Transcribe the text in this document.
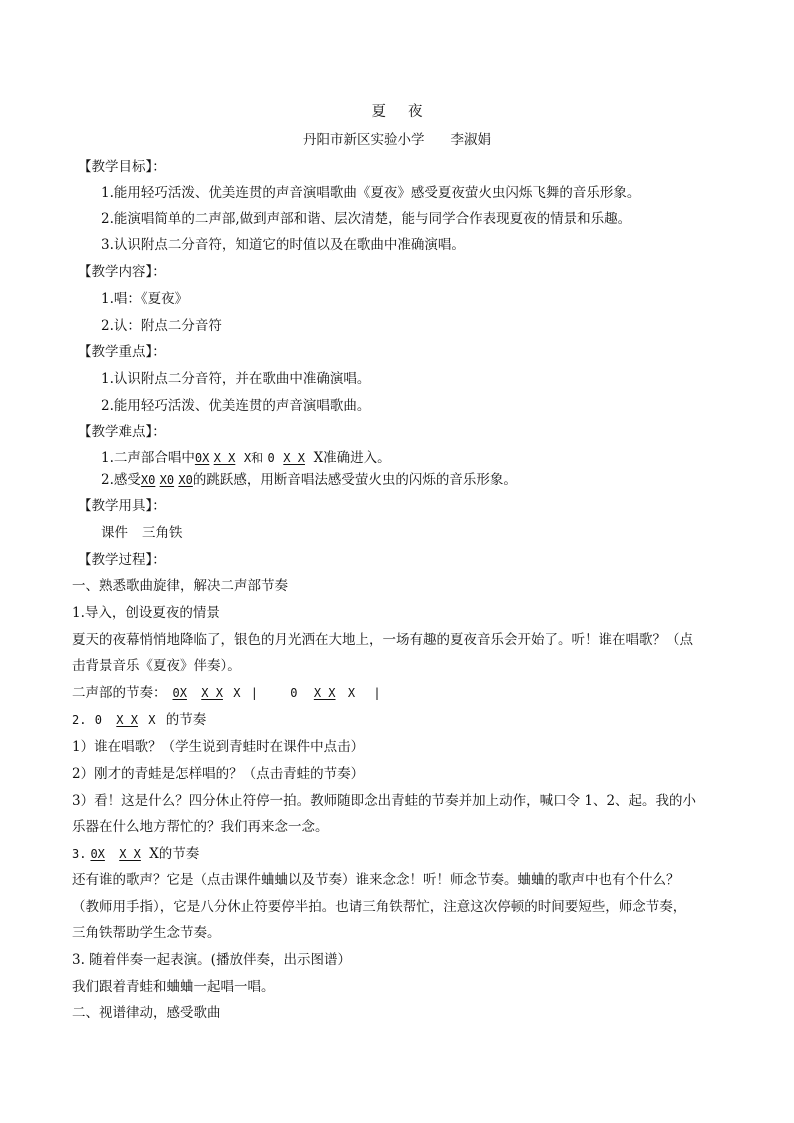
夏 夜
丹阳市新区实验小学 李淑娟
【教学目标】：
1.能用轻巧活泼、优美连贯的声音演唱歌曲《夏夜》感受夏夜萤火虫闪烁飞舞的音乐形象。
2.能演唱简单的二声部,做到声部和谐、层次清楚，能与同学合作表现夏夜的情景和乐趣。
3.认识附点二分音符，知道它的时值以及在歌曲中准确演唱。
【教学内容】：
1.唱：《夏夜》
2.认：附点二分音符
【教学重点】：
1.认识附点二分音符，并在歌曲中准确演唱。
2.能用轻巧活泼、优美连贯的声音演唱歌曲。
【教学难点】：
1.二声部合唱中0X X X X和 0 X X X准确进入。
2.感受X0 X0 X0的跳跃感，用断音唱法感受萤火虫的闪烁的音乐形象。
【教学用具】：
课件 三角铁
【教学过程】：
一、熟悉歌曲旋律，解决二声部节奏
1.导入，创设夏夜的情景
夏天的夜幕悄悄地降临了，银色的月光洒在大地上，一场有趣的夏夜音乐会开始了。听！谁在唱歌？（点
击背景音乐《夏夜》伴奏）。
二声部的节奏： 0X X X X |	0 X X X |
2. 0 X X X 的节奏
1）谁在唱歌？（学生说到青蛙时在课件中点击）
2）刚才的青蛙是怎样唱的？（点击青蛙的节奏）
3）看！这是什么？四分休止符停一拍。教师随即念出青蛙的节奏并加上动作，喊口令 1、2、起。我的小
乐器在什么地方帮忙的？我们再来念一念。
3. 0X X X X的节奏
还有谁的歌声？它是（点击课件蛐蛐以及节奏）谁来念念！听！师念节奏。蛐蛐的歌声中也有个什么？
（教师用手指），它是八分休止符要停半拍。也请三角铁帮忙，注意这次停顿的时间要短些，师念节奏，
三角铁帮助学生念节奏。
3. 随着伴奏一起表演。(播放伴奏，出示图谱）
我们跟着青蛙和蛐蛐一起唱一唱。
二、视谱律动，感受歌曲
